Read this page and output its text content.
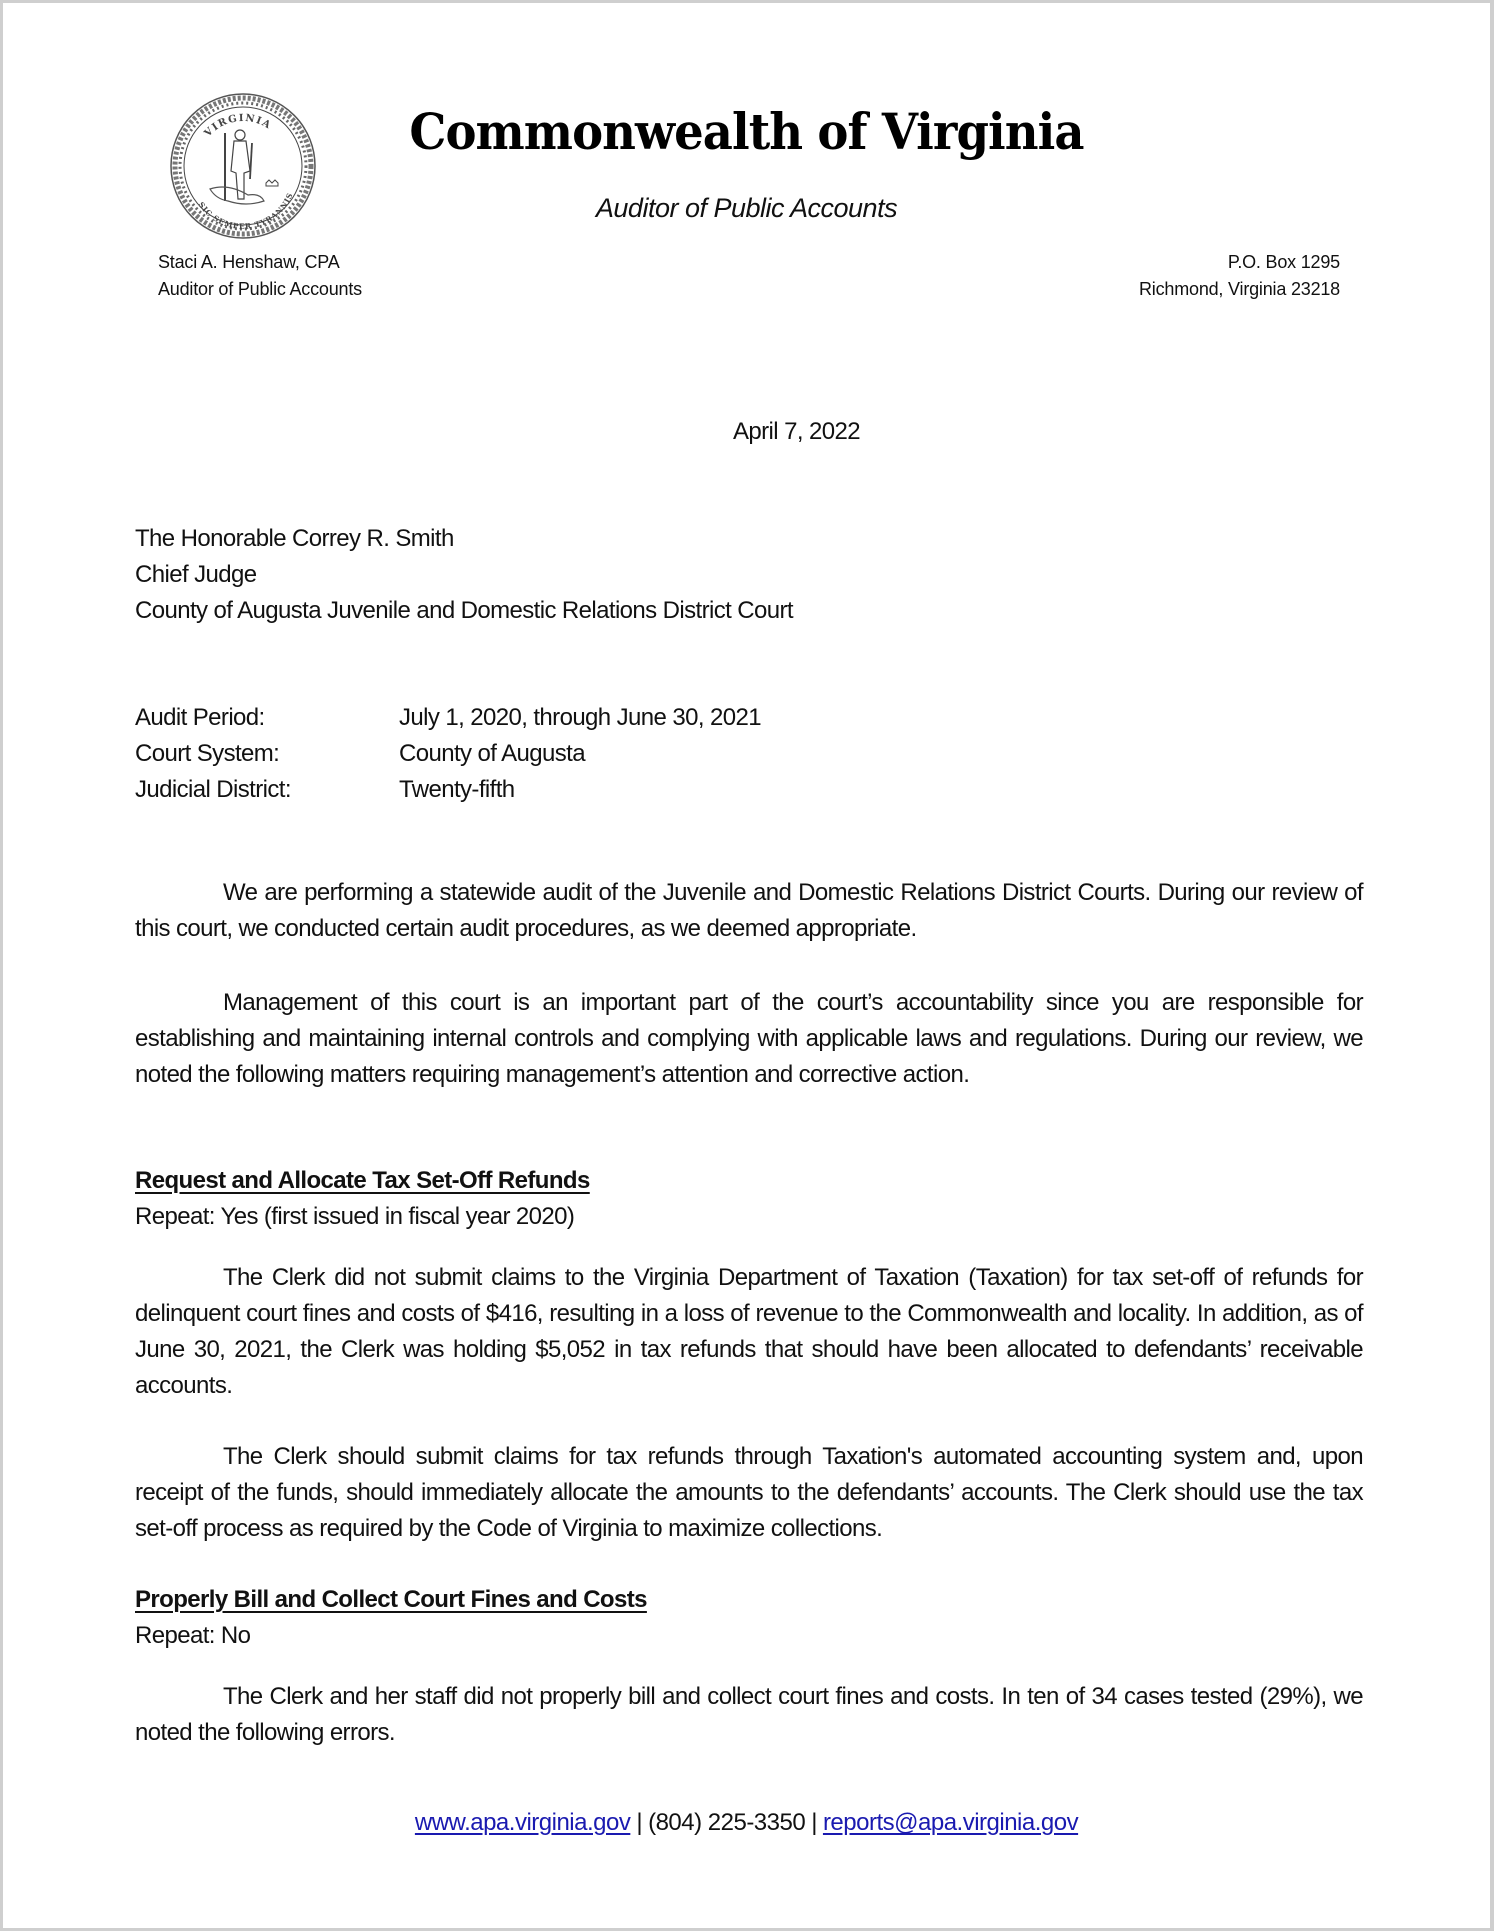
VIRGINIA
SIC SEMPER TYRANNIS
Commonwealth of Virginia
Auditor of Public Accounts
Staci A. Henshaw, CPA
Auditor of Public Accounts
P.O. Box 1295
Richmond, Virginia 23218
April 7, 2022
The Honorable Correy R. Smith
Chief Judge
County of Augusta Juvenile and Domestic Relations District Court
Audit Period:	July 1, 2020, through June 30, 2021
Court System:	County of Augusta
Judicial District:	Twenty-fifth
We are performing a statewide audit of the Juvenile and Domestic Relations District Courts. During our review of this court, we conducted certain audit procedures, as we deemed appropriate.
Management of this court is an important part of the court’s accountability since you are responsible for establishing and maintaining internal controls and complying with applicable laws and regulations. During our review, we noted the following matters requiring management’s attention and corrective action.
Request and Allocate Tax Set-Off Refunds
Repeat: Yes (first issued in fiscal year 2020)
The Clerk did not submit claims to the Virginia Department of Taxation (Taxation) for tax set-off of refunds for delinquent court fines and costs of $416, resulting in a loss of revenue to the Commonwealth and locality. In addition, as of June 30, 2021, the Clerk was holding $5,052 in tax refunds that should have been allocated to defendants’ receivable accounts.
The Clerk should submit claims for tax refunds through Taxation's automated accounting system and, upon receipt of the funds, should immediately allocate the amounts to the defendants’ accounts. The Clerk should use the tax set-off process as required by the Code of Virginia to maximize collections.
Properly Bill and Collect Court Fines and Costs
Repeat: No
The Clerk and her staff did not properly bill and collect court fines and costs. In ten of 34 cases tested (29%), we noted the following errors.
www.apa.virginia.gov | (804) 225-3350 | reports@apa.virginia.gov
